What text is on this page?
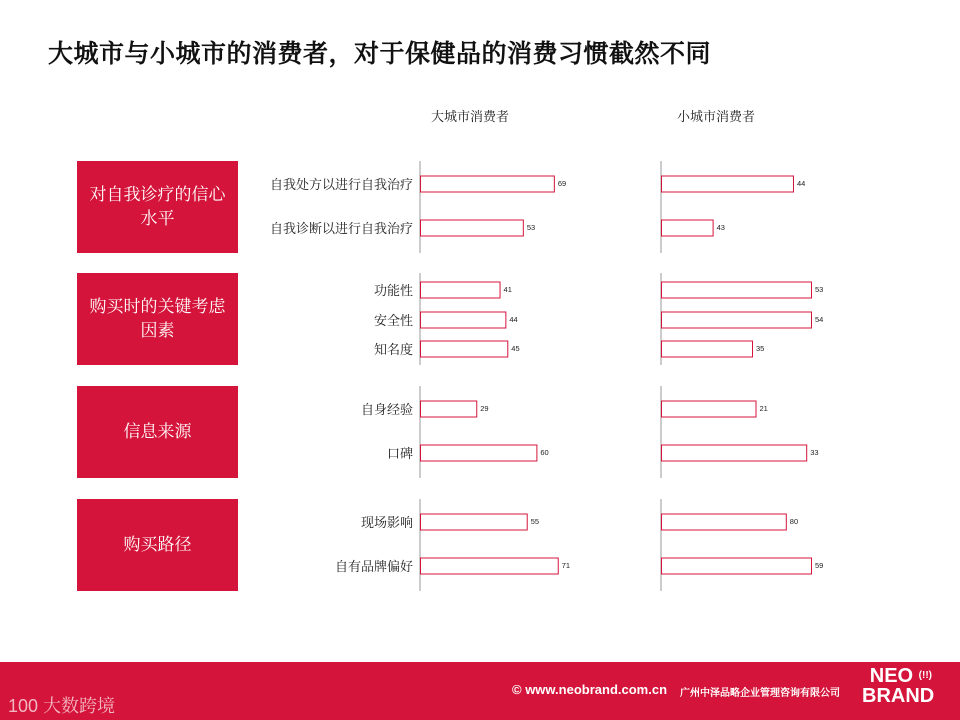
大城市与小城市的消费者，对于保健品的消费习惯截然不同
大城市消费者	小城市消费者
对自我诊疗的信心水平
购买时的关键考虑因素
信息来源
购买路径
自我处方以进行自我治疗	69	44
自我诊断以进行自我治疗	53	43
功能性	41	53
安全性	44	54
知名度	45	35
自身经验	29	21
口碑	60	33
现场影响	55	80
自有品牌偏好	71	59
100 大数跨境
© www.neobrand.com.cn 广州中泽品略企业管理咨询有限公司
NEO (!!)
BRAND
